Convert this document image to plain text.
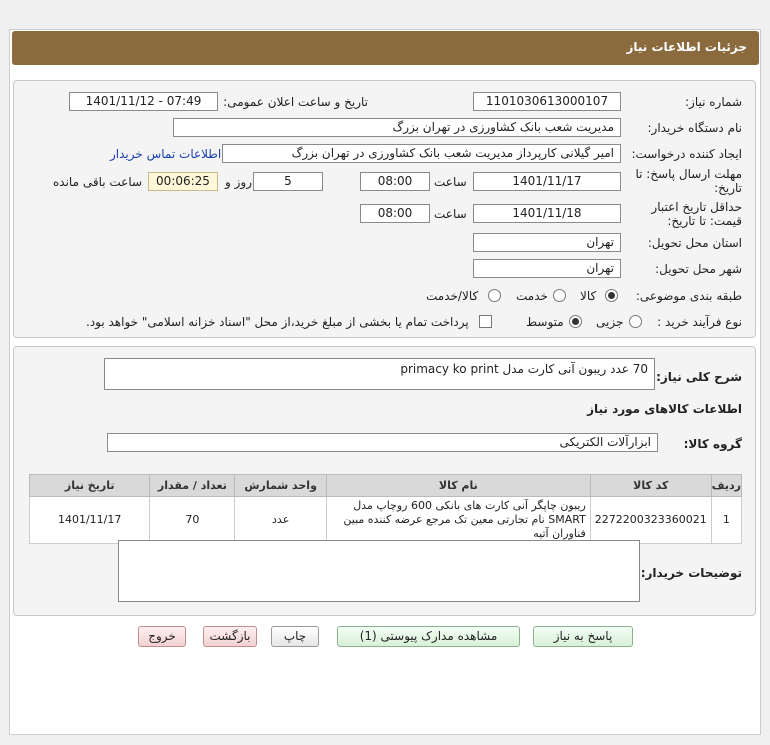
جزئیات اطلاعات نیاز
شماره نیاز:
1101030613000107
تاریخ و ساعت اعلان عمومی:
1401/11/12 - 07:49
نام دستگاه خریدار:
مدیریت شعب بانک کشاورزی در تهران بزرگ
ایجاد کننده درخواست:
امیر گیلانی کارپرداز مدیریت شعب بانک کشاورزی در تهران بزرگ
اطلاعات تماس خریدار
مهلت ارسال پاسخ: تا
تاریخ:
1401/11/17
ساعت
08:00
5
روز و
00:06:25
ساعت باقی مانده
حداقل تاریخ اعتبار
قیمت: تا تاریخ:
1401/11/18
ساعت
08:00
استان محل تحویل:
تهران
شهر محل تحویل:
تهران
طبقه بندی موضوعی:
کالا
خدمت
کالا/خدمت
نوع فرآیند خرید :
جزیی
متوسط
پرداخت تمام یا بخشی از مبلغ خرید،از محل "اسناد خزانه اسلامی" خواهد بود.
شرح کلی نیاز:
70 عدد ریبون آنی کارت مدل primacy ko print
اطلاعات کالاهای مورد نیاز
گروه کالا:
ابزارآلات الکتریکی
ردیف	کد کالا	نام کالا	واحد شمارش	تعداد / مقدار	تاریخ نیاز
1	2272200323360021	ریبون چاپگر آنی کارت های بانکی 600 روچاپ مدل SMART نام تجارتی معین تک مرجع عرضه کننده مبین فناوران آتیه	عدد	70	1401/11/17
توضیحات خریدار:
پاسخ به نیاز
مشاهده مدارک پیوستی (1)
چاپ
بازگشت
خروج
